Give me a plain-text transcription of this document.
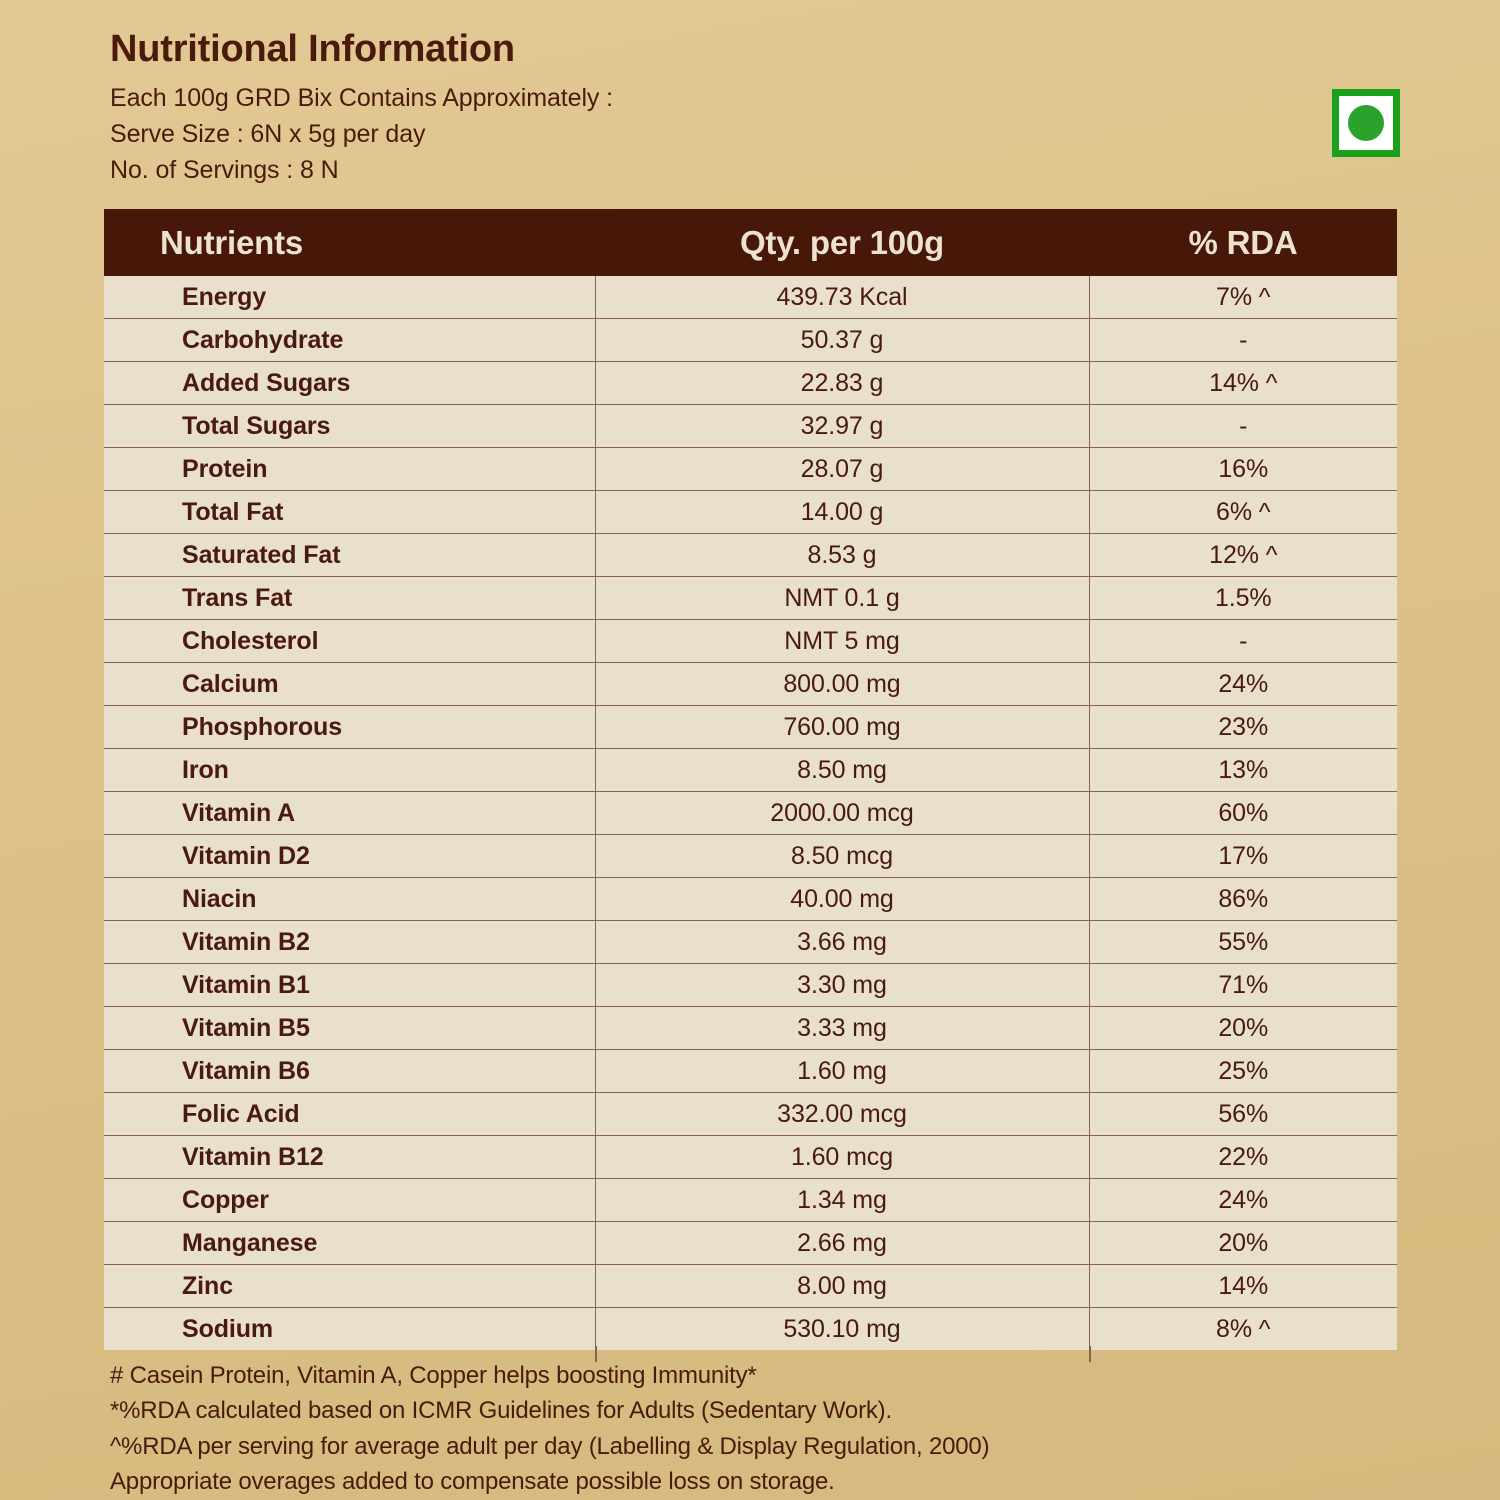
Nutritional Information
Each 100g GRD Bix Contains Approximately :
Serve Size : 6N x 5g per day
No. of Servings : 8 N
Nutrients	Qty. per 100g	% RDA
Energy	439.73 Kcal	7% ^
Carbohydrate	50.37 g	-
Added Sugars	22.83 g	14% ^
Total Sugars	32.97 g	-
Protein	28.07 g	16%
Total Fat	14.00 g	6% ^
Saturated Fat	8.53 g	12% ^
Trans Fat	NMT 0.1 g	1.5%
Cholesterol	NMT 5 mg	-
Calcium	800.00 mg	24%
Phosphorous	760.00 mg	23%
Iron	8.50 mg	13%
Vitamin A	2000.00 mcg	60%
Vitamin D2	8.50 mcg	17%
Niacin	40.00 mg	86%
Vitamin B2	3.66 mg	55%
Vitamin B1	3.30 mg	71%
Vitamin B5	3.33 mg	20%
Vitamin B6	1.60 mg	25%
Folic Acid	332.00 mcg	56%
Vitamin B12	1.60 mcg	22%
Copper	1.34 mg	24%
Manganese	2.66 mg	20%
Zinc	8.00 mg	14%
Sodium	530.10 mg	8% ^
# Casein Protein, Vitamin A, Copper helps boosting Immunity*
*%RDA calculated based on ICMR Guidelines for Adults (Sedentary Work).
^%RDA per serving for average adult per day (Labelling & Display Regulation, 2000)
Appropriate overages added to compensate possible loss on storage.
